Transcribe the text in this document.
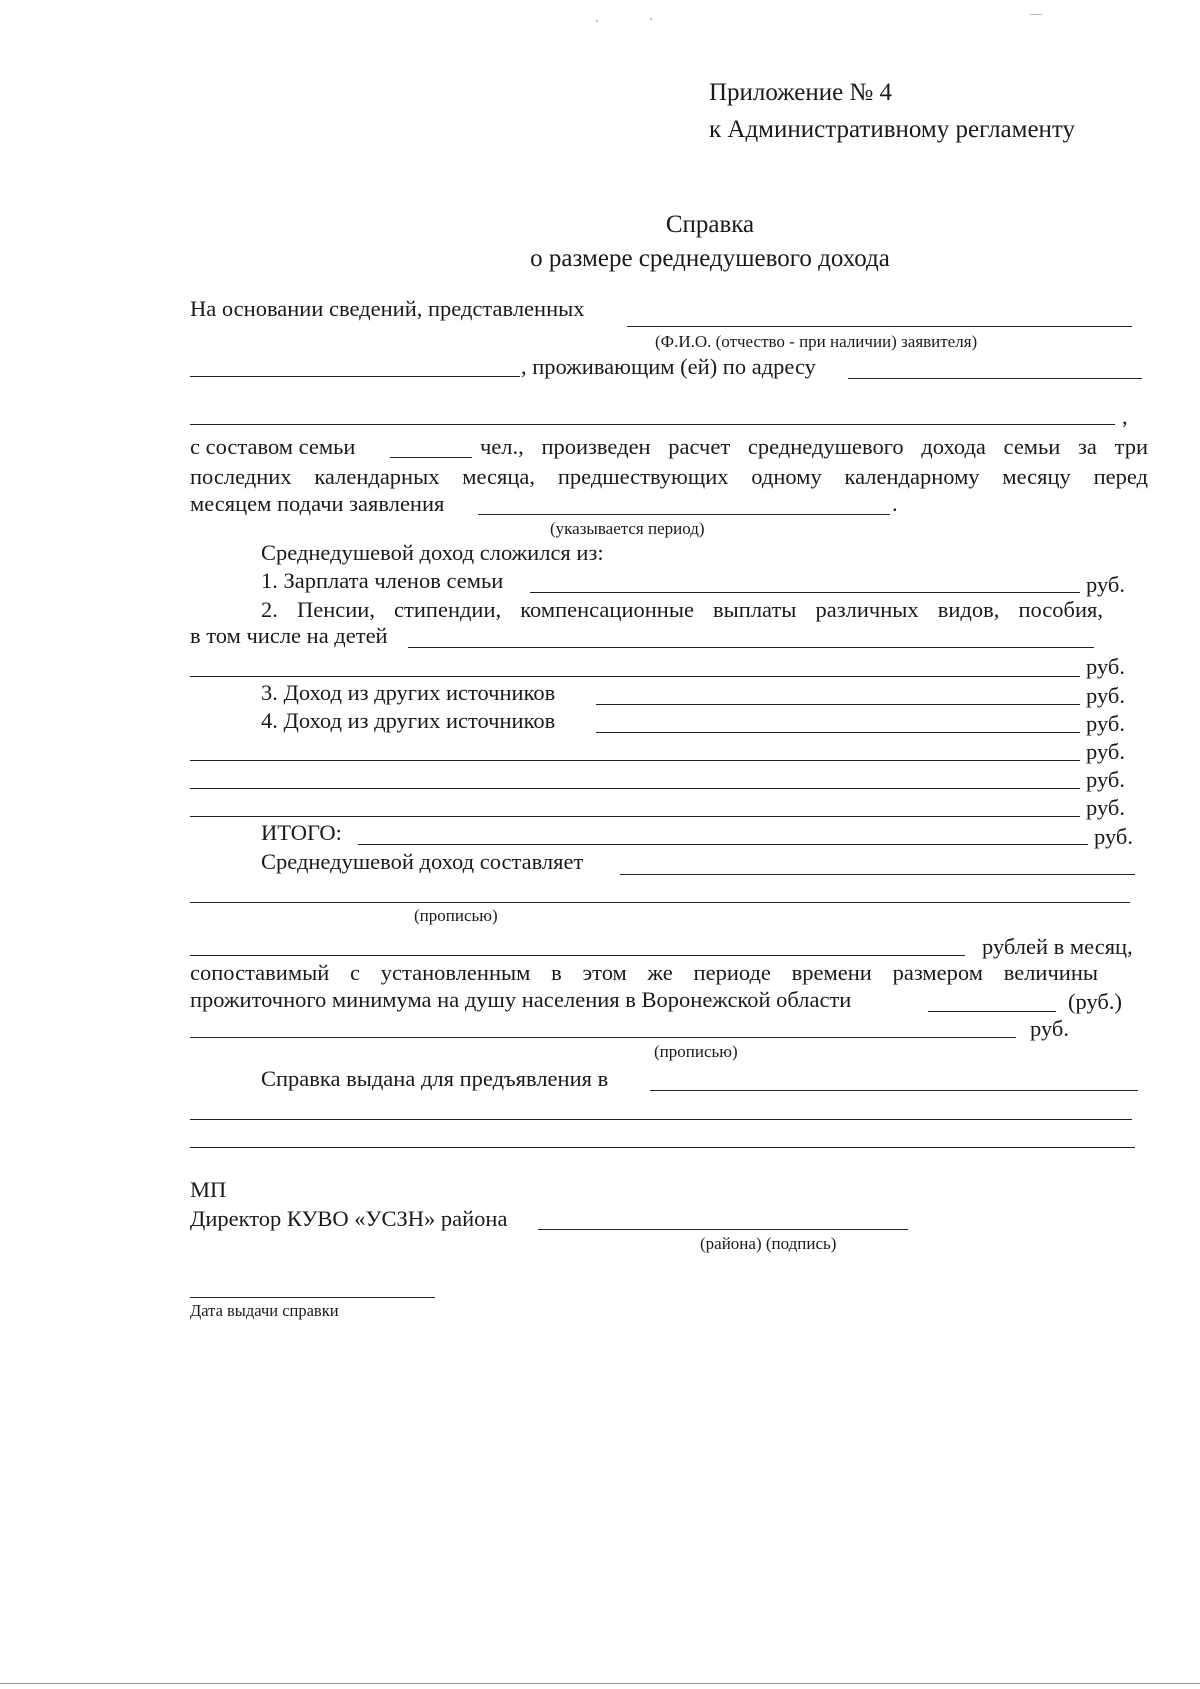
Приложение № 4
к Административному регламенту
Справка
о размере среднедушевого дохода
На основании сведений, представленных
(Ф.И.О. (отчество - при наличии) заявителя)
, проживающим (ей) по адресу
,
с составом семьи	чел., произведен расчет среднедушевого дохода семьи за три
последних календарных месяца, предшествующих одному календарному месяцу перед
месяцем подачи заявления	.
(указывается период)
Среднедушевой доход сложился из:
1. Зарплата членов семьи	руб.
2. Пенсии, стипендии, компенсационные выплаты различных видов, пособия,
в том числе на детей
руб.
3. Доход из других источников	руб.
4. Доход из других источников	руб.
руб.
руб.
руб.
ИТОГО:	руб.
Среднедушевой доход составляет
(прописью)
рублей в месяц,
сопоставимый с установленным в этом же периоде времени размером величины
прожиточного минимума на душу населения в Воронежской области	(руб.)
руб.
(прописью)
Справка выдана для предъявления в
МП
Директор КУВО «УСЗН» района
(района) (подпись)
Дата выдачи справки
